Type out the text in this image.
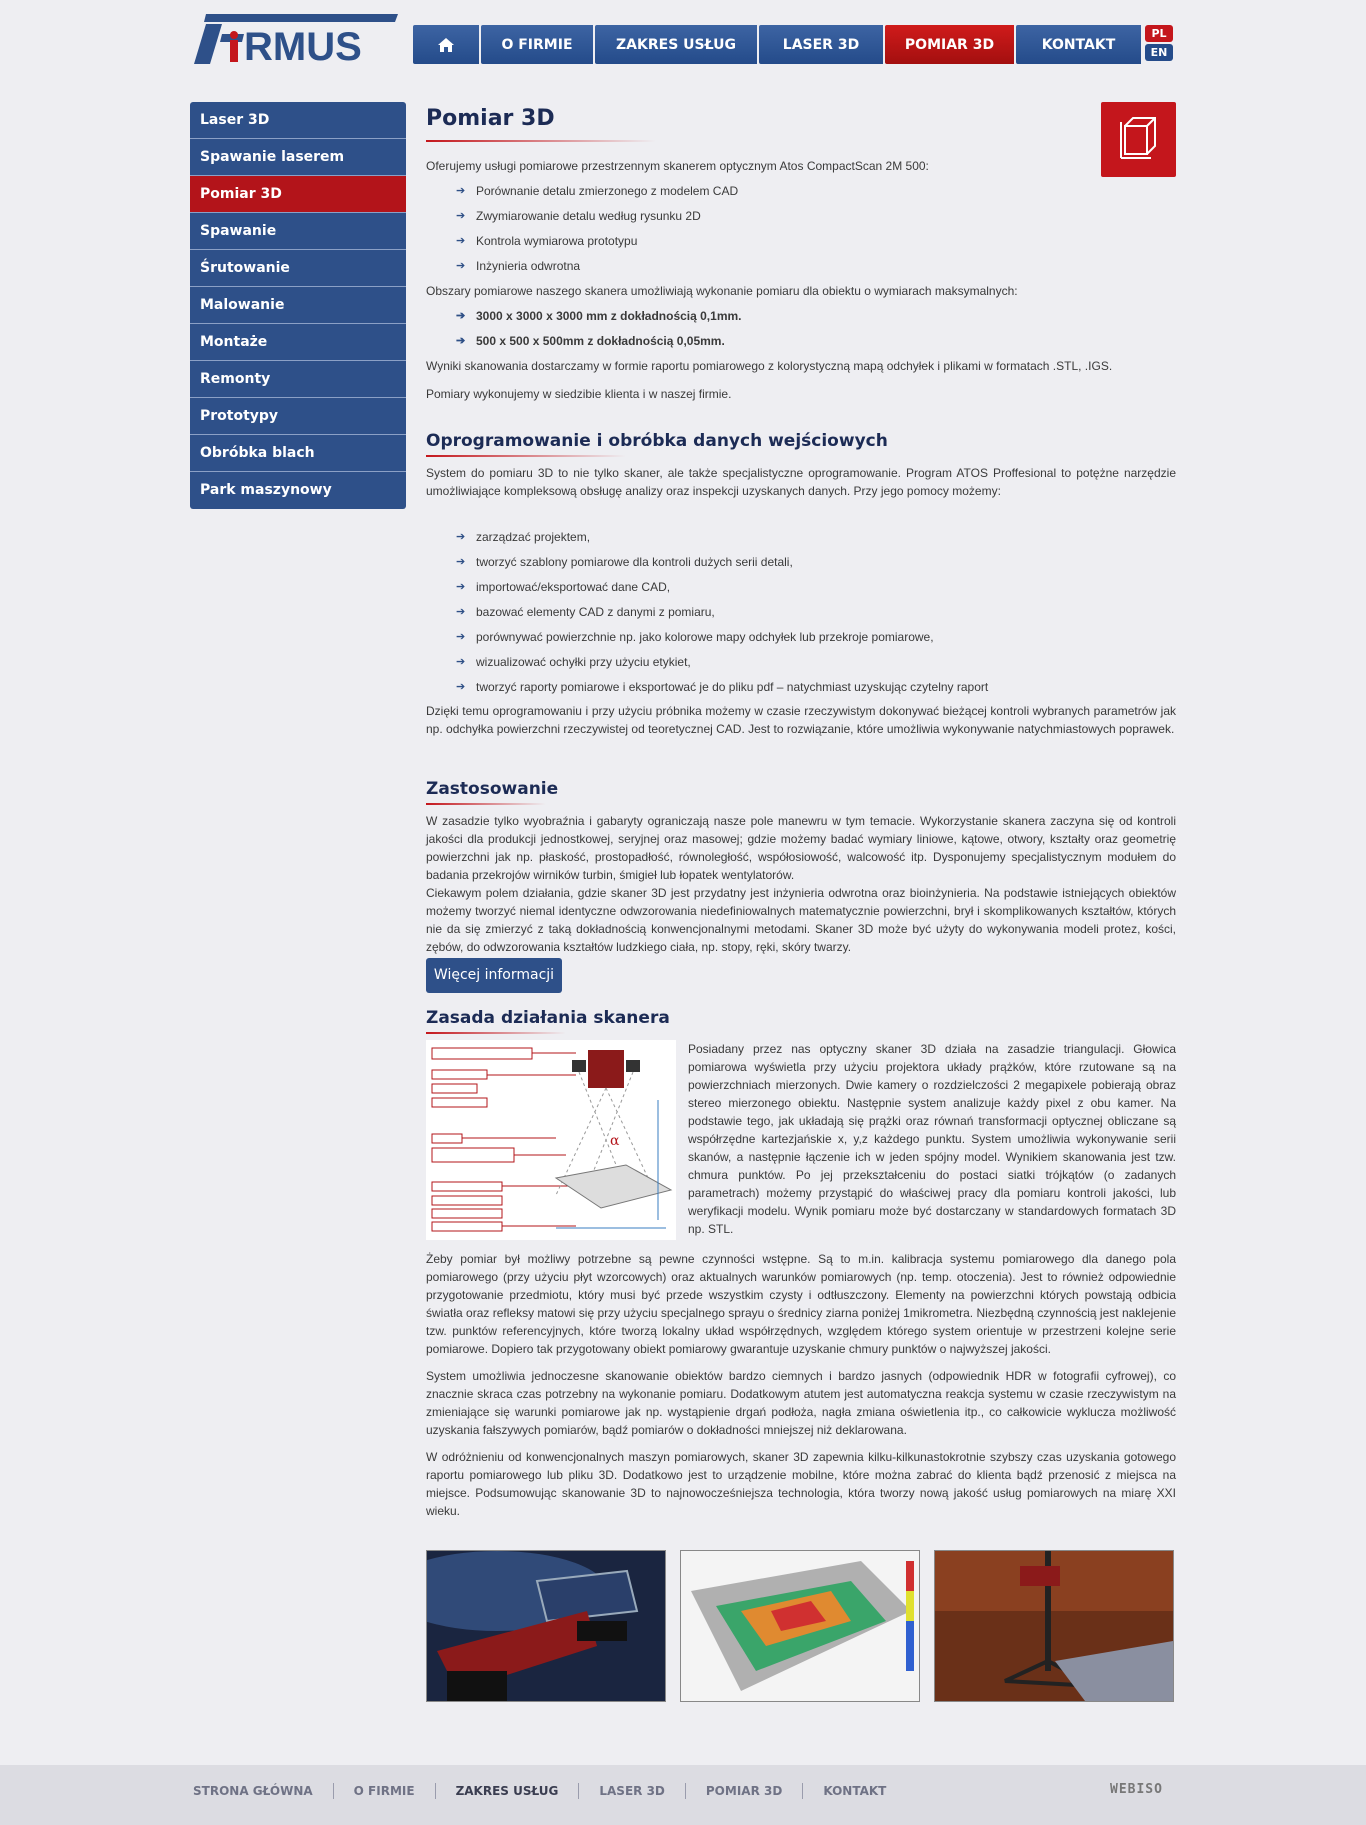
RMUS	O FIRMIE	ZAKRES USŁUG	LASER 3D	POMIAR 3D	KONTAKT
PL
EN
Laser 3D
Spawanie laserem
Pomiar 3D
Spawanie
Śrutowanie
Malowanie
Montaże
Remonty
Prototypy
Obróbka blach
Park maszynowy
Pomiar 3D
Oferujemy usługi pomiarowe przestrzennym skanerem optycznym Atos CompactScan 2M 500:
➔ Porównanie detalu zmierzonego z modelem CAD
➔ Zwymiarowanie detalu według rysunku 2D
➔ Kontrola wymiarowa prototypu
➔ Inżynieria odwrotna
Obszary pomiarowe naszego skanera umożliwiają wykonanie pomiaru dla obiektu o wymiarach maksymalnych:
➔ 3000 x 3000 x 3000 mm z dokładnością 0,1mm.
➔ 500 x 500 x 500mm z dokładnością 0,05mm.
Wyniki skanowania dostarczamy w formie raportu pomiarowego z kolorystyczną mapą odchyłek i plikami w formatach .STL, .IGS.
Pomiary wykonujemy w siedzibie klienta i w naszej firmie.
Oprogramowanie i obróbka danych wejściowych
System do pomiaru 3D to nie tylko skaner, ale także specjalistyczne oprogramowanie. Program ATOS Proffesional to potężne narzędzie umożliwiające kompleksową obsługę analizy oraz inspekcji uzyskanych danych. Przy jego pomocy możemy:
➔ zarządzać projektem,
➔ tworzyć szablony pomiarowe dla kontroli dużych serii detali,
➔ importować/eksportować dane CAD,
➔ bazować elementy CAD z danymi z pomiaru,
➔ porównywać powierzchnie np. jako kolorowe mapy odchyłek lub przekroje pomiarowe,
➔ wizualizować ochyłki przy użyciu etykiet,
➔ tworzyć raporty pomiarowe i eksportować je do pliku pdf – natychmiast uzyskując czytelny raport
Dzięki temu oprogramowaniu i przy użyciu próbnika możemy w czasie rzeczywistym dokonywać bieżącej kontroli wybranych parametrów jak np. odchyłka powierzchni rzeczywistej od teoretycznej CAD. Jest to rozwiązanie, które umożliwia wykonywanie natychmiastowych poprawek.
Zastosowanie
W zasadzie tylko wyobraźnia i gabaryty ograniczają nasze pole manewru w tym temacie. Wykorzystanie skanera zaczyna się od kontroli jakości dla produkcji jednostkowej, seryjnej oraz masowej; gdzie możemy badać wymiary liniowe, kątowe, otwory, kształty oraz geometrię powierzchni jak np. płaskość, prostopadłość, równoległość, współosiowość, walcowość itp. Dysponujemy specjalistycznym modułem do badania przekrojów wirników turbin, śmigieł lub łopatek wentylatorów.
Ciekawym polem działania, gdzie skaner 3D jest przydatny jest inżynieria odwrotna oraz bioinżynieria. Na podstawie istniejących obiektów możemy tworzyć niemal identyczne odwzorowania niedefiniowalnych matematycznie powierzchni, brył i skomplikowanych kształtów, których nie da się zmierzyć z taką dokładnością konwencjonalnymi metodami. Skaner 3D może być użyty do wykonywania modeli protez, kości, zębów, do odwzorowania kształtów ludzkiego ciała, np. stopy, ręki, skóry twarzy.
Więcej informacji
Zasada działania skanera
α
Posiadany przez nas optyczny skaner 3D działa na zasadzie triangulacji. Głowica pomiarowa wyświetla przy użyciu projektora układy prążków, które rzutowane są na powierzchniach mierzonych. Dwie kamery o rozdzielczości 2 megapixele pobierają obraz stereo mierzonego obiektu. Następnie system analizuje każdy pixel z obu kamer. Na podstawie tego, jak układają się prążki oraz równań transformacji optycznej obliczane są współrzędne kartezjańskie x, y,z każdego punktu. System umożliwia wykonywanie serii skanów, a następnie łączenie ich w jeden spójny model. Wynikiem skanowania jest tzw. chmura punktów. Po jej przekształceniu do postaci siatki trójkątów (o zadanych parametrach) możemy przystąpić do właściwej pracy dla pomiaru kontroli jakości, lub weryfikacji modelu. Wynik pomiaru może być dostarczany w standardowych formatach 3D np. STL.
Żeby pomiar był możliwy potrzebne są pewne czynności wstępne. Są to m.in. kalibracja systemu pomiarowego dla danego pola pomiarowego (przy użyciu płyt wzorcowych) oraz aktualnych warunków pomiarowych (np. temp. otoczenia). Jest to również odpowiednie przygotowanie przedmiotu, który musi być przede wszystkim czysty i odtłuszczony. Elementy na powierzchni których powstają odbicia światła oraz refleksy matowi się przy użyciu specjalnego sprayu o średnicy ziarna poniżej 1mikrometra. Niezbędną czynnością jest naklejenie tzw. punktów referencyjnych, które tworzą lokalny układ współrzędnych, względem którego system orientuje w przestrzeni kolejne serie pomiarowe. Dopiero tak przygotowany obiekt pomiarowy gwarantuje uzyskanie chmury punktów o najwyższej jakości.
System umożliwia jednoczesne skanowanie obiektów bardzo ciemnych i bardzo jasnych (odpowiednik HDR w fotografii cyfrowej), co znacznie skraca czas potrzebny na wykonanie pomiaru. Dodatkowym atutem jest automatyczna reakcja systemu w czasie rzeczywistym na zmieniające się warunki pomiarowe jak np. wystąpienie drgań podłoża, nagła zmiana oświetlenia itp., co całkowicie wyklucza możliwość uzyskania fałszywych pomiarów, bądź pomiarów o dokładności mniejszej niż deklarowana.
W odróżnieniu od konwencjonalnych maszyn pomiarowych, skaner 3D zapewnia kilku-kilkunastokrotnie szybszy czas uzyskania gotowego raportu pomiarowego lub pliku 3D. Dodatkowo jest to urządzenie mobilne, które można zabrać do klienta bądź przenosić z miejsca na miejsce. Podsumowując skanowanie 3D to najnowocześniejsza technologia, która tworzy nową jakość usług pomiarowych na miarę XXI wieku.
STRONA GŁÓWNA	O FIRMIE	ZAKRES USŁUG	LASER 3D	POMIAR 3D	KONTAKT	WEBISO
